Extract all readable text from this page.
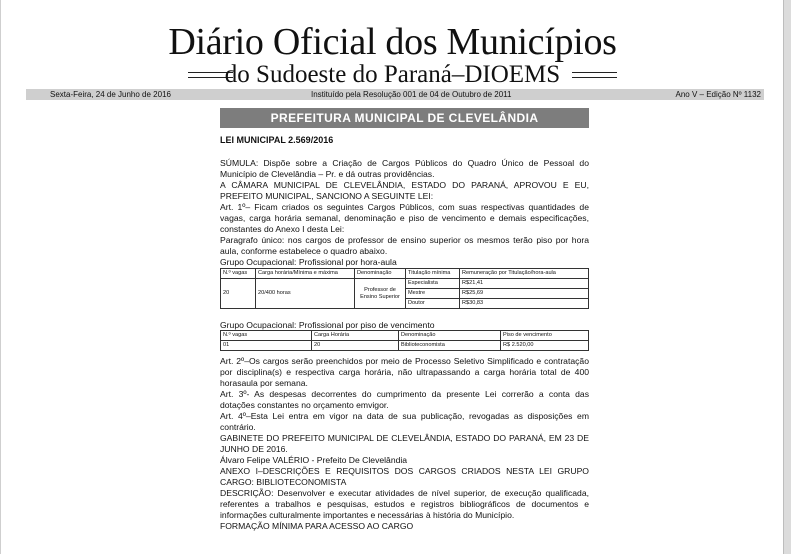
Diário Oficial dos Municípios
do Sudoeste do Paraná–DIOEMS
Sexta-Feira, 24 de Junho de 2016	Instituído pela Resolução 001 de 04 de Outubro de 2011	Ano V – Edição Nº 1132
PREFEITURA MUNICIPAL DE CLEVELÂNDIA
LEI MUNICIPAL 2.569/2016

SÚMULA: Dispõe sobre a Criação de Cargos Públicos do Quadro Único de Pessoal do Município de Clevelândia – Pr. e dá outras providências.

A CÂMARA MUNICIPAL DE CLEVELÂNDIA, ESTADO DO PARANÁ, APROVOU E EU, PREFEITO MUNICIPAL, SANCIONO A SEGUINTE LEI:

Art. 1º– Ficam criados os seguintes Cargos Públicos, com suas respectivas quantidades de vagas, carga horária semanal, denominação e piso de vencimento e demais especificações, constantes do Anexo I desta Lei:

Paragrafo único: nos cargos de professor de ensino superior os mesmos terão piso por hora aula, conforme estabelece o quadro abaixo.

Grupo Ocupacional: Profissional por hora-aula
N.º vagas	Carga horária/Mínima e máxima	Denominação	Titulação mínima	Remuneração por Titulação/hora-aula
20	20/400 horas	Professor de Ensino Superior	Especialista	R$21,41
			Mestre	R$25,69
			Doutor	R$30,83
Grupo Ocupacional: Profissional por piso de vencimento
N.º vagas	Carga Horária	Denominação	Piso de vencimento
01	20	Biblioteconomista	R$ 2.520,00

Art. 2º–Os cargos serão preenchidos por meio de Processo Seletivo Simplificado e contratação por disciplina(s) e respectiva carga horária, não ultrapassando a carga horária total de 400 horasaula por semana.

Art. 3º- As despesas decorrentes do cumprimento da presente Lei correrão a conta das dotações constantes no orçamento emvigor.

Art. 4º–Esta Lei entra em vigor na data de sua publicação, revogadas as disposições em contrário.

GABINETE DO PREFEITO MUNICIPAL DE CLEVELÂNDIA, ESTADO DO PARANÁ, EM 23 DE JUNHO DE 2016.

Álvaro Felipe VALÉRIO - Prefeito De Clevelândia

ANEXO I–DESCRIÇÕES E REQUISITOS DOS CARGOS CRIADOS NESTA LEI GRUPO CARGO: BIBLIOTECONOMISTA

DESCRIÇÃO: Desenvolver e executar atividades de nível superior, de execução qualificada, referentes a trabalhos e pesquisas, estudos e registros bibliográficos de documentos e informações culturalmente importantes e necessárias à história do Município.

FORMAÇÃO MÍNIMA PARA ACESSO AO CARGO
